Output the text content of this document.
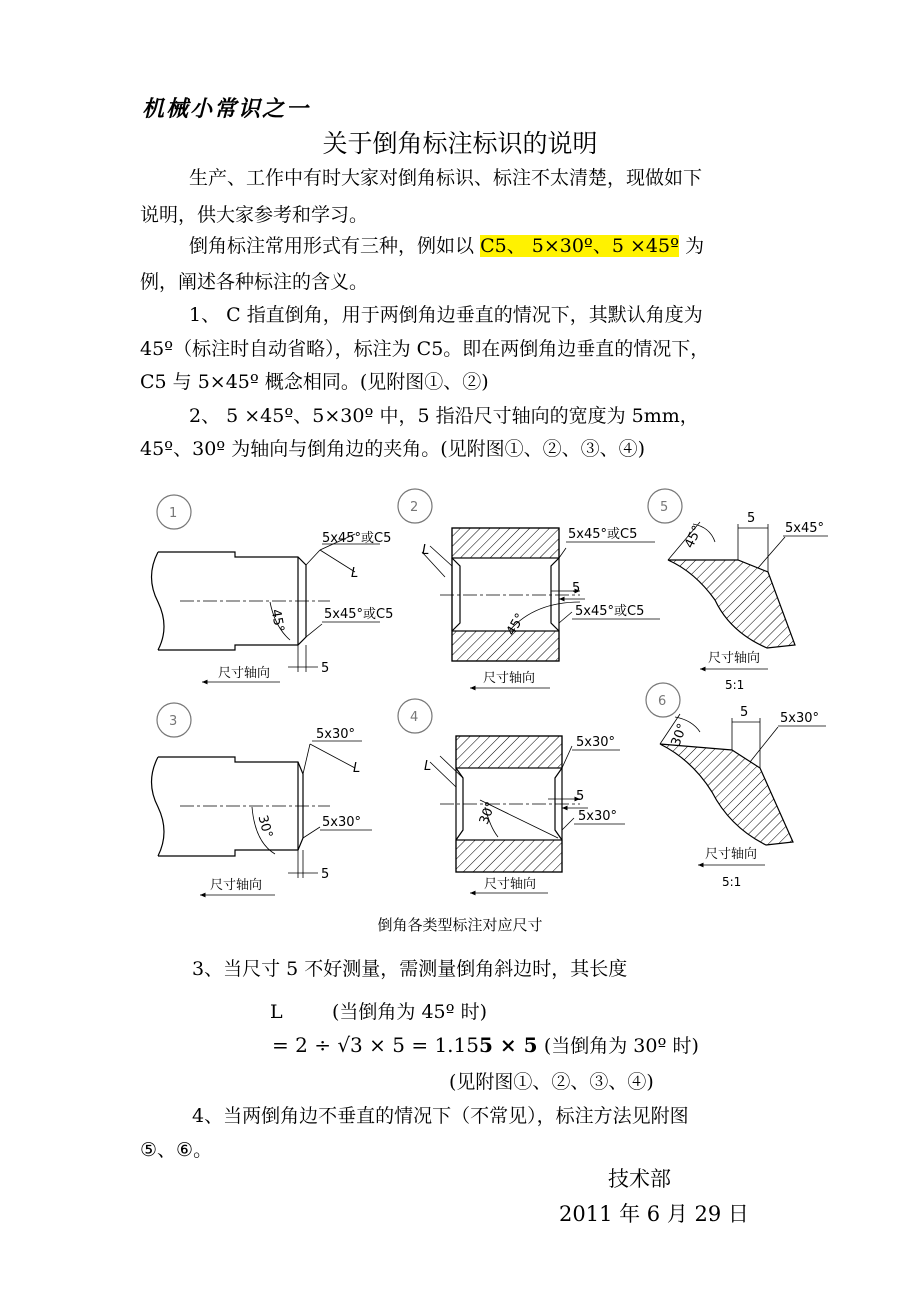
机械小常识之一
关于倒角标注标识的说明
生产、工作中有时大家对倒角标识、标注不太清楚，现做如下
说明，供大家参考和学习。
倒角标注常用形式有三种，例如以 C5、 5×30º、5 ×45º 为
例，阐述各种标注的含义。
1、 C 指直倒角，用于两倒角边垂直的情况下，其默认角度为
45º（标注时自动省略），标注为 C5。即在两倒角边垂直的情况下，
C5 与 5×45º 概念相同。(见附图①、②)
2、 5 ×45º、5×30º 中，5 指沿尺寸轴向的宽度为 5mm，
45º、30º 为轴向与倒角边的夹角。(见附图①、②、③、④)
1
5x45°或C5
L
5x45°或C5
45°
5
尺寸轴向
2
5x45°或C5
L
5
5x45°或C5
45°
尺寸轴向
5
45°
5
5x45°
尺寸轴向
5:1
3
5x30°
L
5x30°
30°
5
尺寸轴向
4
5x30°
L
5
5x30°
30°
尺寸轴向
6
30°
5 5x30°
尺寸轴向
5:1
倒角各类型标注对应尺寸
3、当尺寸 5 不好测量，需测量倒角斜边时，其长度
L	(当倒角为 45º 时)
= 2 ÷ √3 × 5 = 1.155 × 5 (当倒角为 30º 时)
(见附图①、②、③、④)
4、当两倒角边不垂直的情况下（不常见），标注方法见附图
⑤、⑥。
技术部
2011 年 6 月 29 日
